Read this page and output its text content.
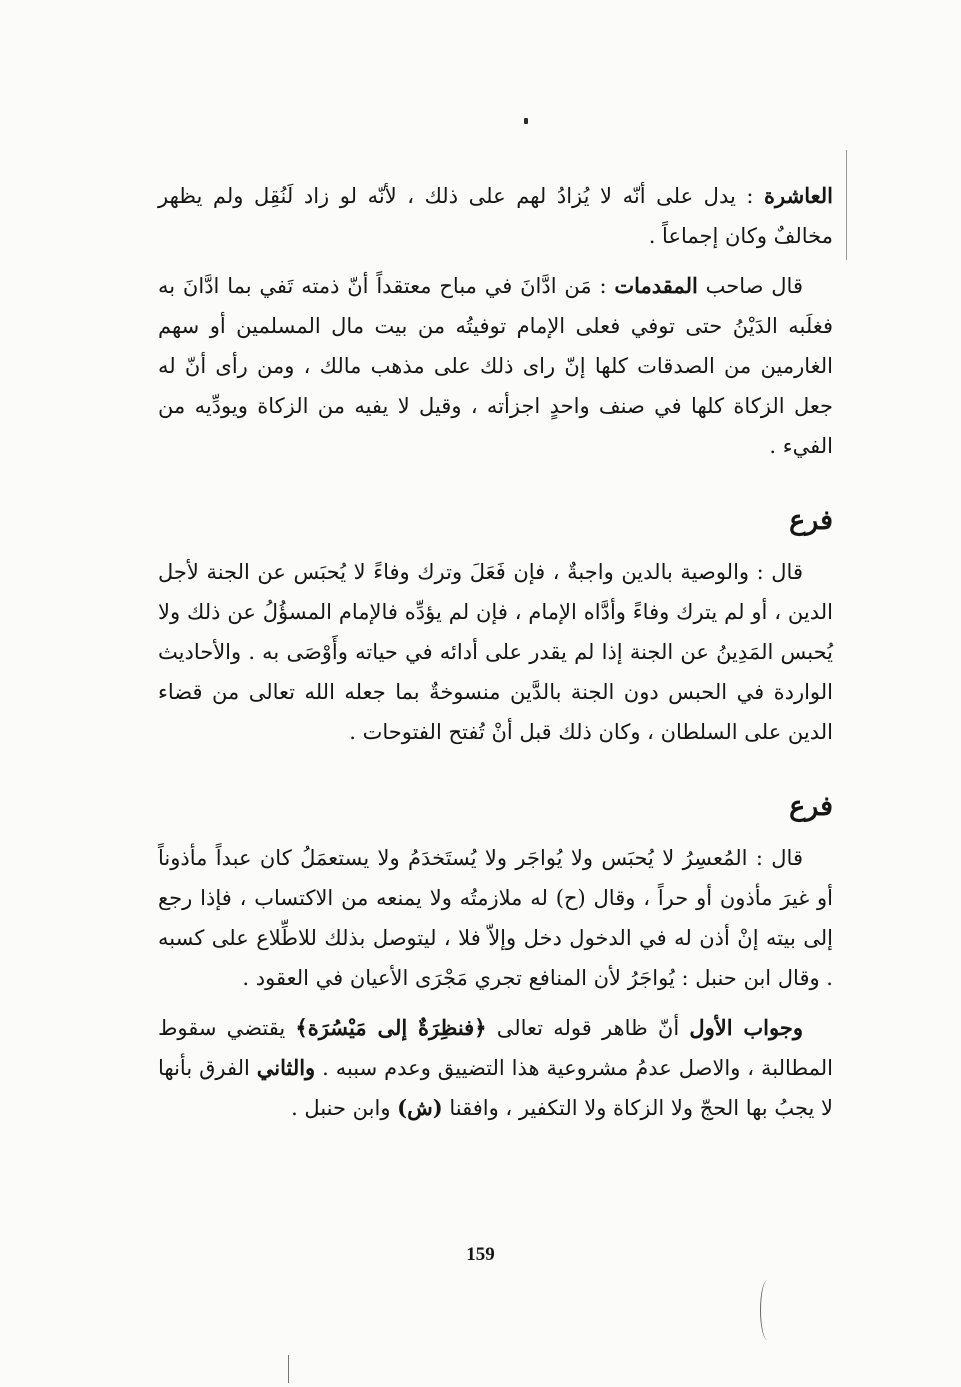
العاشرة : يدل على أنّه لا يُزادُ لهم على ذلك ، لأنّه لو زاد لَنُقِل ولم يظهر مخالفٌ وكان إجماعاً .

قال صاحب المقدمات : مَن ادَّانَ في مباح معتقداً أنّ ذمته تَفي بما ادَّانَ به فغلَبه الدَيْنُ حتى توفي فعلى الإمام توفيتُه من بيت مال المسلمين أو سهم الغارمين من الصدقات كلها إنّ راى ذلك على مذهب مالك ، ومن رأى أنّ له جعل الزكاة كلها في صنف واحدٍ اجزأته ، وقيل لا يفيه من الزكاة ويودِّيه من الفيء .

فرع

قال : والوصية بالدين واجبةٌ ، فإن فَعَلَ وترك وفاءً لا يُحبَس عن الجنة لأجل الدين ، أو لم يترك وفاءً وأدَّاه الإمام ، فإن لم يؤدِّه فالإمام المسؤُلُ عن ذلك ولا يُحبس المَدِينُ عن الجنة إذا لم يقدر على أدائه في حياته وأَوْصَى به . والأحاديث الواردة في الحبس دون الجنة بالدَّين منسوخةٌ بما جعله الله تعالى من قضاء الدين على السلطان ، وكان ذلك قبل أنْ تُفتح الفتوحات .

فرع

قال : المُعسِرُ لا يُحبَس ولا يُواجَر ولا يُستَخدَمُ ولا يستعمَلُ كان عبداً مأذوناً أو غيرَ مأذون أو حراً ، وقال (ح) له ملازمتُه ولا يمنعه من الاكتساب ، فإذا رجع إلى بيته إنْ أذن له في الدخول دخل وإلاّ فلا ، ليتوصل بذلك للاطِّلاع على كسبه . وقال ابن حنبل : يُواجَرُ لأن المنافع تجري مَجْرَى الأعيان في العقود .

وجواب الأول أنّ ظاهر قوله تعالى ﴿فنظِرَةٌ إلى مَيْسُرَة﴾ يقتضي سقوط المطالبة ، والاصل عدمُ مشروعية هذا التضييق وعدم سببه . والثاني الفرق بأنها لا يجبُ بها الحجّ ولا الزكاة ولا التكفير ، وافقنا (ش) وابن حنبل .

159
